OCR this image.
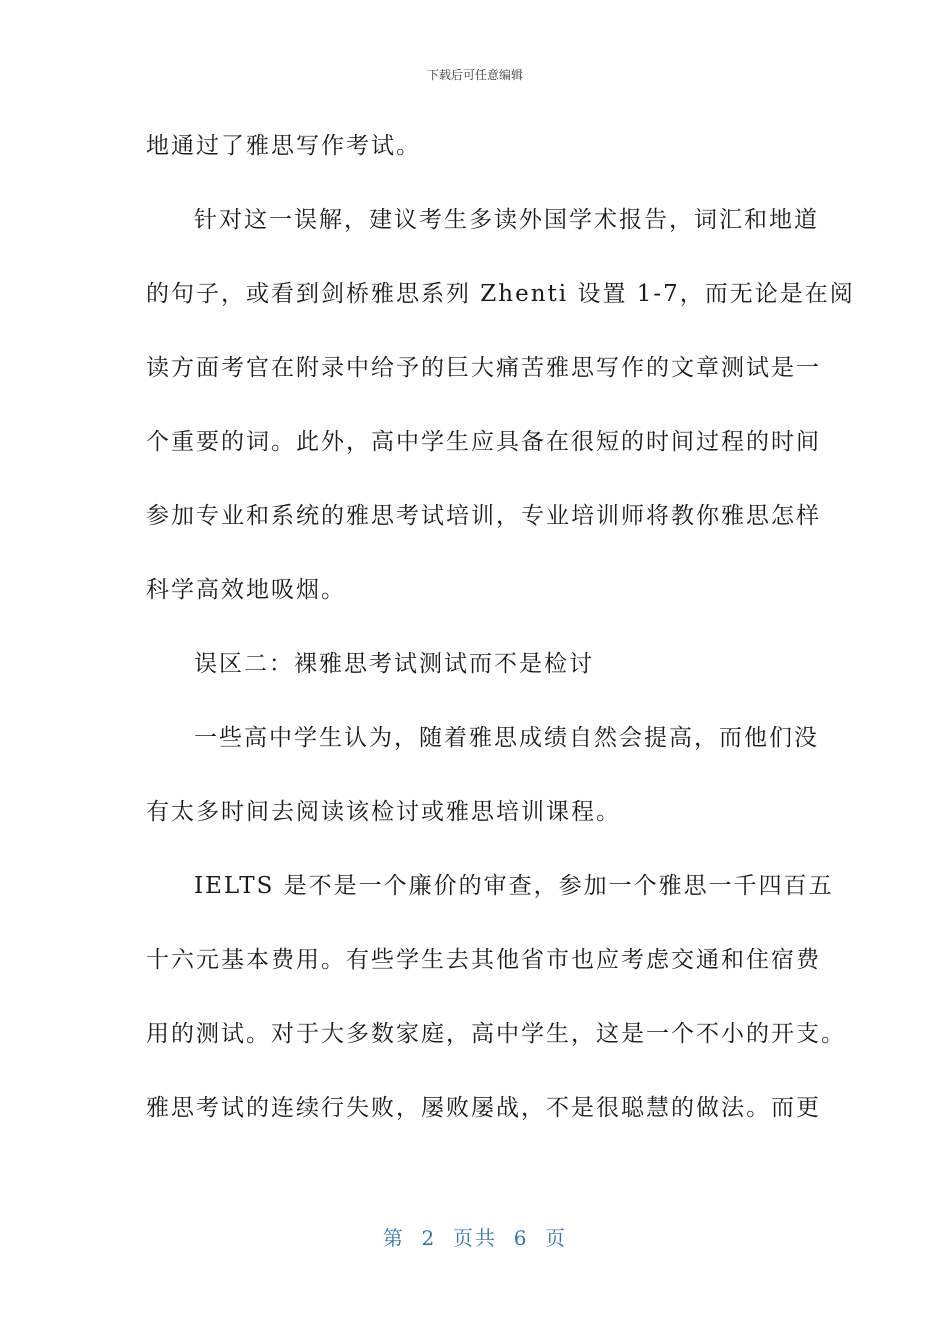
下载后可任意编辑
地通过了雅思写作考试。
针对这一误解，建议考生多读外国学术报告，词汇和地道
的句子，或看到剑桥雅思系列 Zhenti 设置 1-7，而无论是在阅
读方面考官在附录中给予的巨大痛苦雅思写作的文章测试是一
个重要的词。此外，高中学生应具备在很短的时间过程的时间
参加专业和系统的雅思考试培训，专业培训师将教你雅思怎样
科学高效地吸烟。
误区二：裸雅思考试测试而不是检讨
一些高中学生认为，随着雅思成绩自然会提高，而他们没
有太多时间去阅读该检讨或雅思培训课程。
IELTS 是不是一个廉价的审查，参加一个雅思一千四百五
十六元基本费用。有些学生去其他省市也应考虑交通和住宿费
用的测试。对于大多数家庭，高中学生，这是一个不小的开支。
雅思考试的连续行失败，屡败屡战，不是很聪慧的做法。而更
第 2 页共 6 页
